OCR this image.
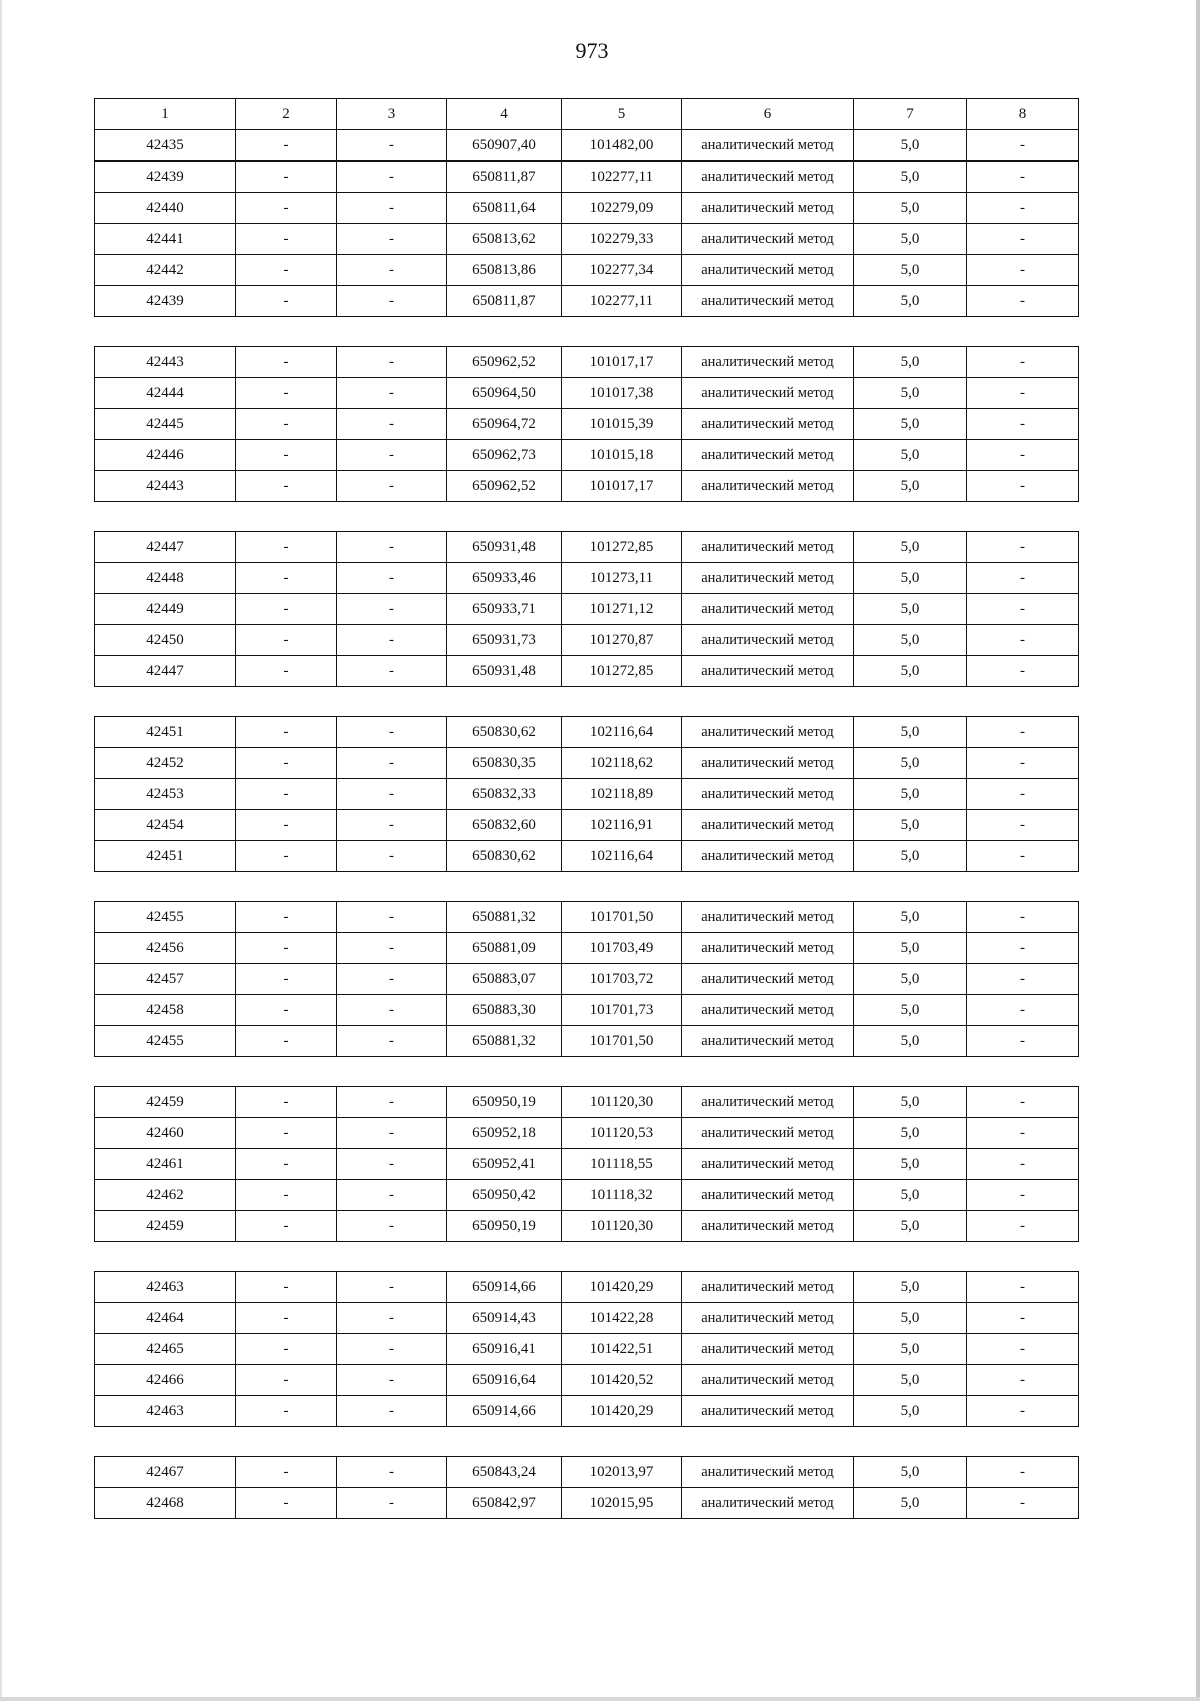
973
1	2	3	4	5	6	7	8
42435	-	-	650907,40	101482,00	аналитический метод	5,0	-
42439	-	-	650811,87	102277,11	аналитический метод	5,0	-
42440	-	-	650811,64	102279,09	аналитический метод	5,0	-
42441	-	-	650813,62	102279,33	аналитический метод	5,0	-
42442	-	-	650813,86	102277,34	аналитический метод	5,0	-
42439	-	-	650811,87	102277,11	аналитический метод	5,0	-
42443	-	-	650962,52	101017,17	аналитический метод	5,0	-
42444	-	-	650964,50	101017,38	аналитический метод	5,0	-
42445	-	-	650964,72	101015,39	аналитический метод	5,0	-
42446	-	-	650962,73	101015,18	аналитический метод	5,0	-
42443	-	-	650962,52	101017,17	аналитический метод	5,0	-
42447	-	-	650931,48	101272,85	аналитический метод	5,0	-
42448	-	-	650933,46	101273,11	аналитический метод	5,0	-
42449	-	-	650933,71	101271,12	аналитический метод	5,0	-
42450	-	-	650931,73	101270,87	аналитический метод	5,0	-
42447	-	-	650931,48	101272,85	аналитический метод	5,0	-
42451	-	-	650830,62	102116,64	аналитический метод	5,0	-
42452	-	-	650830,35	102118,62	аналитический метод	5,0	-
42453	-	-	650832,33	102118,89	аналитический метод	5,0	-
42454	-	-	650832,60	102116,91	аналитический метод	5,0	-
42451	-	-	650830,62	102116,64	аналитический метод	5,0	-
42455	-	-	650881,32	101701,50	аналитический метод	5,0	-
42456	-	-	650881,09	101703,49	аналитический метод	5,0	-
42457	-	-	650883,07	101703,72	аналитический метод	5,0	-
42458	-	-	650883,30	101701,73	аналитический метод	5,0	-
42455	-	-	650881,32	101701,50	аналитический метод	5,0	-
42459	-	-	650950,19	101120,30	аналитический метод	5,0	-
42460	-	-	650952,18	101120,53	аналитический метод	5,0	-
42461	-	-	650952,41	101118,55	аналитический метод	5,0	-
42462	-	-	650950,42	101118,32	аналитический метод	5,0	-
42459	-	-	650950,19	101120,30	аналитический метод	5,0	-
42463	-	-	650914,66	101420,29	аналитический метод	5,0	-
42464	-	-	650914,43	101422,28	аналитический метод	5,0	-
42465	-	-	650916,41	101422,51	аналитический метод	5,0	-
42466	-	-	650916,64	101420,52	аналитический метод	5,0	-
42463	-	-	650914,66	101420,29	аналитический метод	5,0	-
42467	-	-	650843,24	102013,97	аналитический метод	5,0	-
42468	-	-	650842,97	102015,95	аналитический метод	5,0	-
